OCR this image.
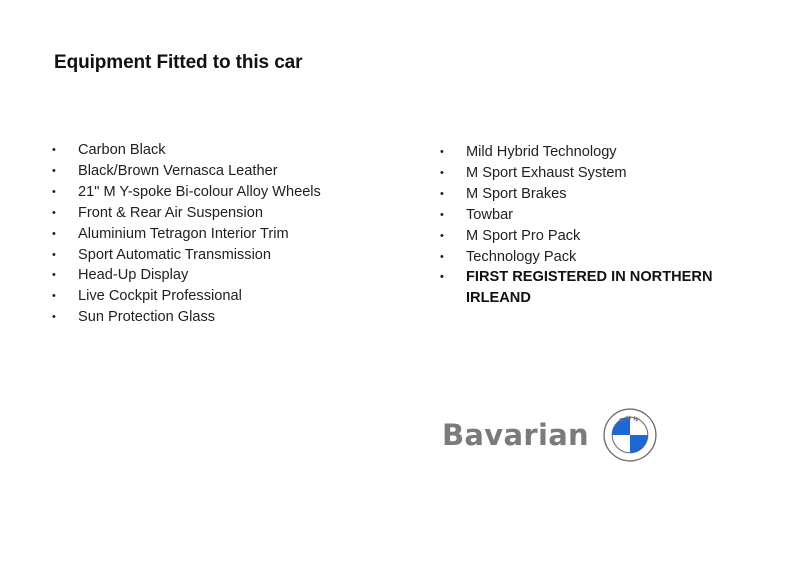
Equipment Fitted to this car
• Carbon Black
• Black/Brown Vernasca Leather
• 21" M Y-spoke Bi-colour Alloy Wheels
• Front & Rear Air Suspension
• Aluminium Tetragon Interior Trim
• Sport Automatic Transmission
• Head-Up Display
• Live Cockpit Professional
• Sun Protection Glass
• Mild Hybrid Technology
• M Sport Exhaust System
• M Sport Brakes
• Towbar
• M Sport Pro Pack
• Technology Pack
• FIRST REGISTERED IN NORTHERN IRLEAND
Bavarian	BMW
